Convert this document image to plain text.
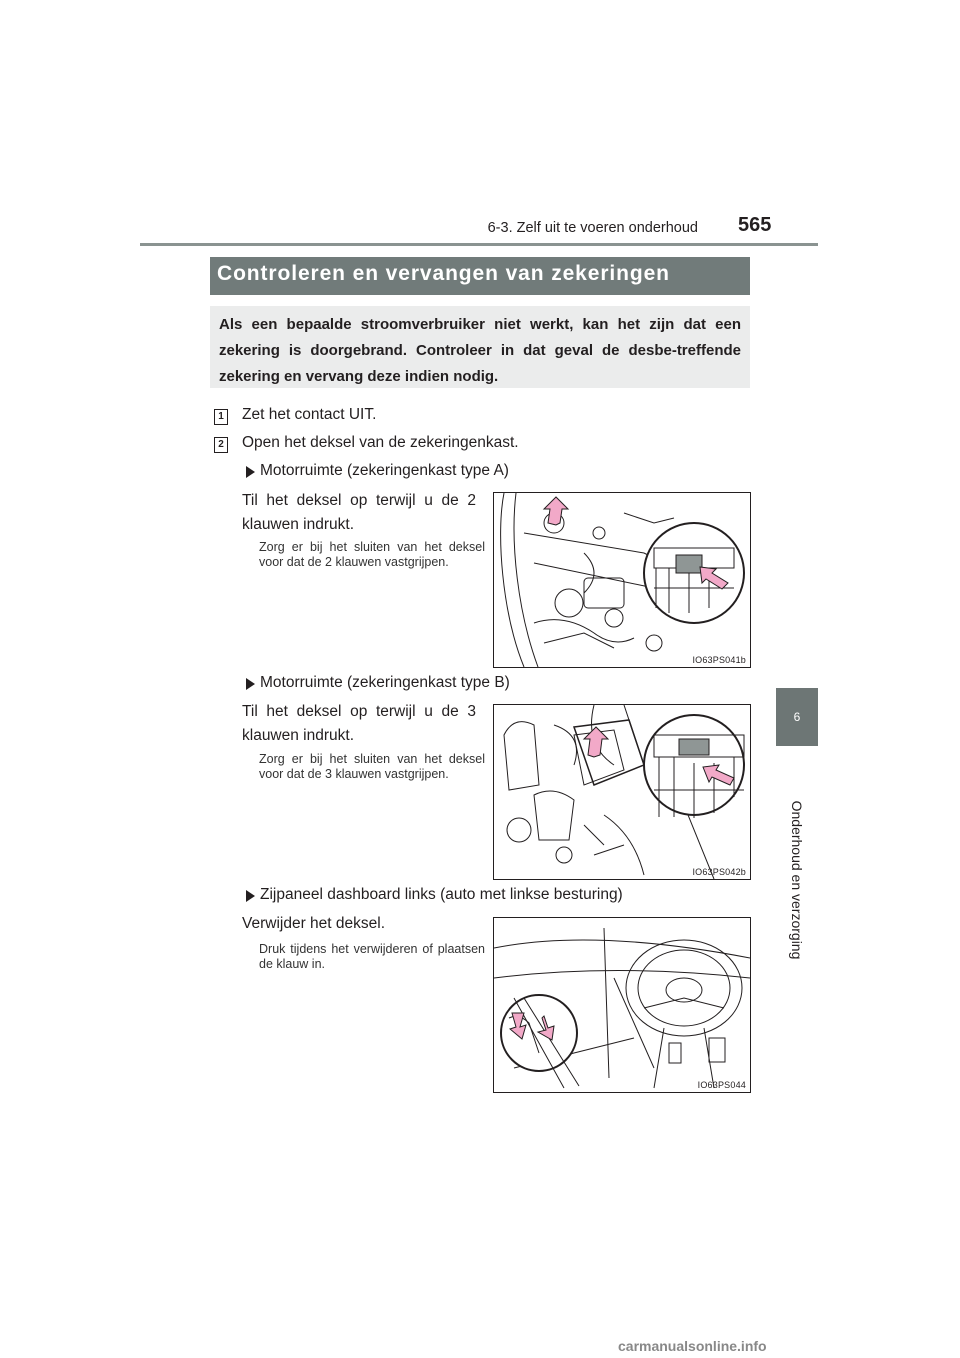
6-3. Zelf uit te voeren onderhoud 565
6
Onderhoud en verzorging
Controleren en vervangen van zekeringen
Als een bepaalde stroomverbruiker niet werkt, kan het zijn dat een zekering is doorgebrand. Controleer in dat geval de desbe-treffende zekering en vervang deze indien nodig.
1 Zet het contact UIT.
2 Open het deksel van de zekeringenkast.
Motorruimte (zekeringenkast type A)
Til het deksel op terwijl u de 2 klauwen indrukt.
Zorg er bij het sluiten van het deksel voor dat de 2 klauwen vastgrijpen.
IO63PS041b
Motorruimte (zekeringenkast type B)
Til het deksel op terwijl u de 3 klauwen indrukt.
Zorg er bij het sluiten van het deksel voor dat de 3 klauwen vastgrijpen.
IO63PS042b
Zijpaneel dashboard links (auto met linkse besturing)
Verwijder het deksel.
Druk tijdens het verwijderen of plaatsen de klauw in.
IO63PS044
carmanualsonline.info
